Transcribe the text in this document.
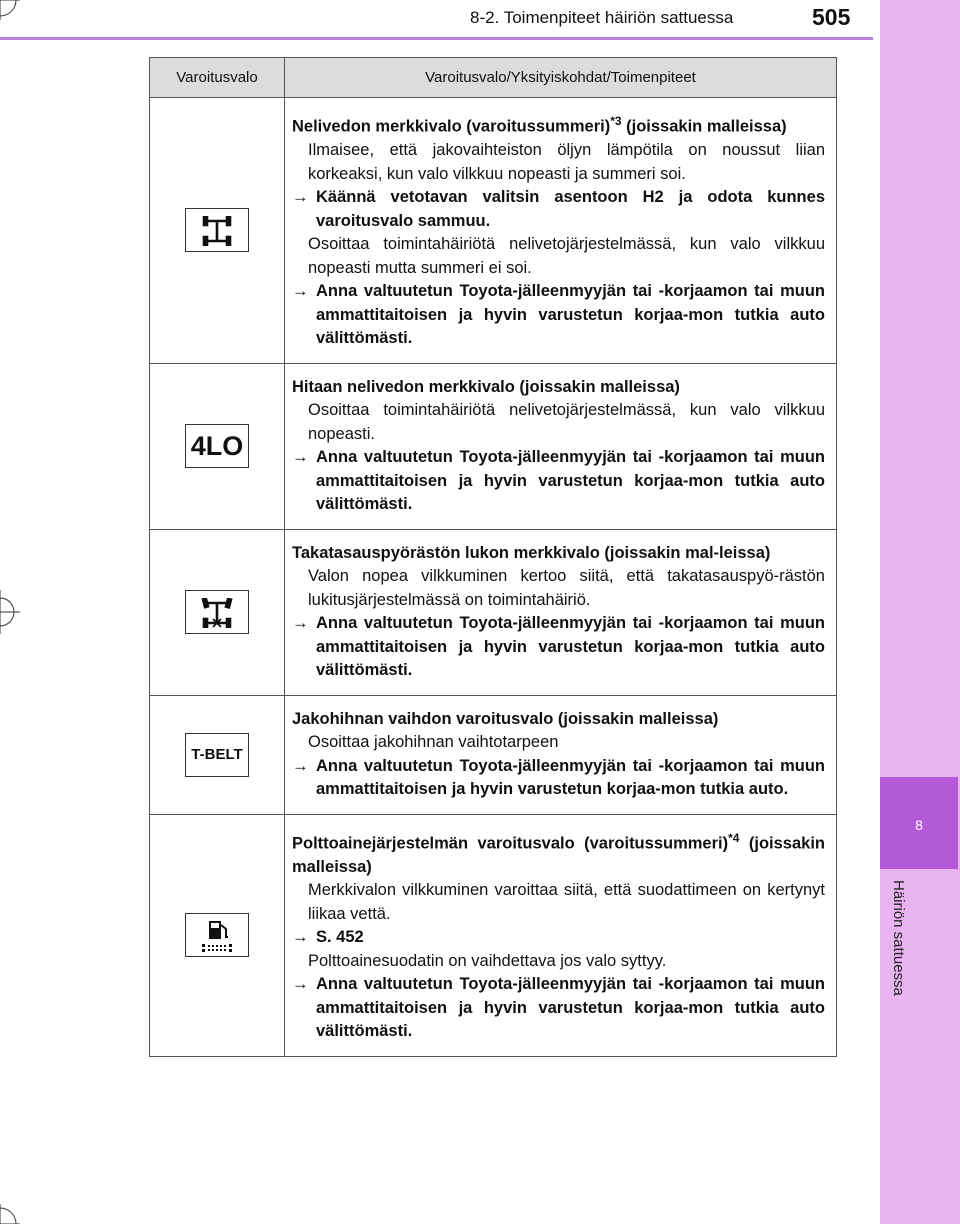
8
Häiriön sattuessa
8-2. Toimenpiteet häiriön sattuessa	505
Varoitusvalo	Varoitusvalo/Yksityiskohdat/Toimenpiteet

Nelivedon merkkivalo (varoitussummeri)$^{*3}$ (joissakin malleissa)
Ilmaisee, että jakovaihteiston öljyn lämpötila on noussut liian korkeaksi, kun valo vilkkuu nopeasti ja summeri soi.
→ Käännä vetotavan valitsin asentoon H2 ja odota kunnes varoitusvalo sammuu.
Osoittaa toimintahäiriötä nelivetojärjestelmässä, kun valo vilkkuu nopeasti mutta summeri ei soi.
→ Anna valtuutetun Toyota-jälleenmyyjän tai -korjaamon tai muun ammattitaitoisen ja hyvin varustetun korjaa-mon tutkia auto välittömästi.

4LO	Hitaan nelivedon merkkivalo (joissakin malleissa)
Osoittaa toimintahäiriötä nelivetojärjestelmässä, kun valo vilkkuu nopeasti.
→ Anna valtuutetun Toyota-jälleenmyyjän tai -korjaamon tai muun ammattitaitoisen ja hyvin varustetun korjaa-mon tutkia auto välittömästi.

Takatasauspyörästön lukon merkkivalo (joissakin mal-leissa)
Valon nopea vilkkuminen kertoo siitä, että takatasauspyö-rästön lukitusjärjestelmässä on toimintahäiriö.
→ Anna valtuutetun Toyota-jälleenmyyjän tai -korjaamon tai muun ammattitaitoisen ja hyvin varustetun korjaa-mon tutkia auto välittömästi.

T-BELT	Jakohihnan vaihdon varoitusvalo (joissakin malleissa)
Osoittaa jakohihnan vaihtotarpeen
→ Anna valtuutetun Toyota-jälleenmyyjän tai -korjaamon tai muun ammattitaitoisen ja hyvin varustetun korjaa-mon tutkia auto.

Polttoainejärjestelmän varoitusvalo (varoitussummeri)$^{*4}$ (joissakin malleissa)
Merkkivalon vilkkuminen varoittaa siitä, että suodattimeen on kertynyt liikaa vettä.
→ S. 452
Polttoainesuodatin on vaihdettava jos valo syttyy.
→ Anna valtuutetun Toyota-jälleenmyyjän tai -korjaamon tai muun ammattitaitoisen ja hyvin varustetun korjaa-mon tutkia auto välittömästi.
